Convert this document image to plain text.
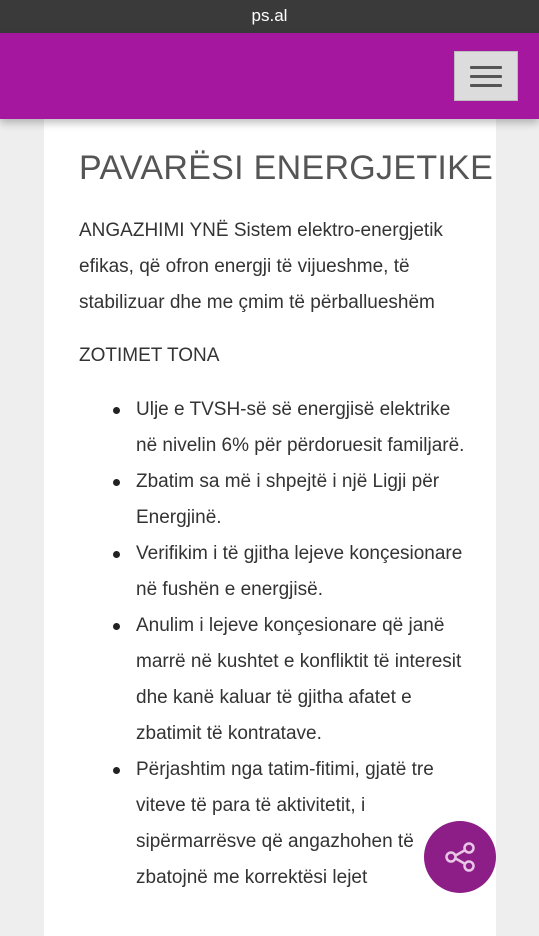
ps.al
PAVARËSI ENERGJETIKE

ANGAZHIMI YNË Sistem elektro-energjetik efikas, që ofron energji të vijueshme, të stabilizuar dhe me çmim të përballueshëm

ZOTIMET TONA

Ulje e TVSH-së së energjisë elektrike në nivelin 6% për përdoruesit familjarë.
Zbatim sa më i shpejtë i një Ligji për Energjinë.
Verifikim i të gjitha lejeve konçesionare në fushën e energjisë.
Anulim i lejeve konçesionare që janë marrë në kushtet e konfliktit të interesit dhe kanë kaluar të gjitha afatet e zbatimit të kontratave.
Përjashtim nga tatim-fitimi, gjatë tre viteve të para të aktivitetit, i sipërmarrësve që angazhohen të zbatojnë me korrektësi lejet
